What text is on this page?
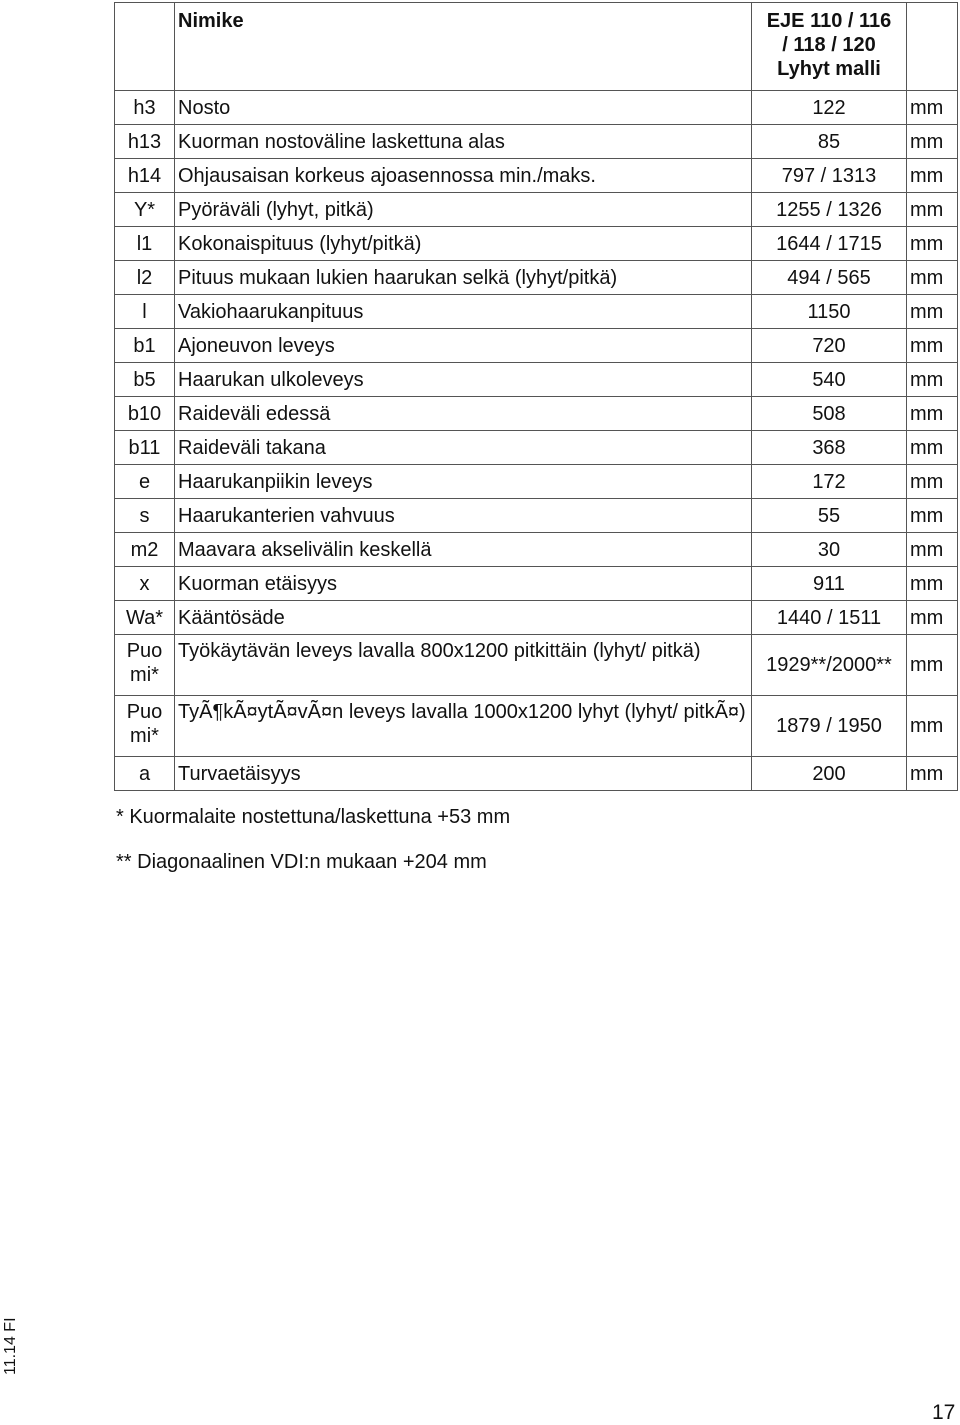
	Nimike	EJE 110 / 116
/ 118 / 120
Lyhyt malli	

h3	Nosto	122	mm
h13	Kuorman nostoväline laskettuna alas	85	mm
h14	Ohjausaisan korkeus ajoasennossa min./maks.	797 / 1313	mm
Y*	Pyöräväli (lyhyt, pitkä)	1255 / 1326	mm
l1	Kokonaispituus (lyhyt/pitkä)	1644 / 1715	mm
l2	Pituus mukaan lukien haarukan selkä (lyhyt/pitkä)	494 / 565	mm
l	Vakiohaarukanpituus	1150	mm
b1	Ajoneuvon leveys	720	mm
b5	Haarukan ulkoleveys	540	mm
b10	Raideväli edessä	508	mm
b11	Raideväli takana	368	mm
e	Haarukanpiikin leveys	172	mm
s	Haarukanterien vahvuus	55	mm
m2	Maavara akselivälin keskellä	30	mm
x	Kuorman etäisyys	911	mm
Wa*	Kääntösäde	1440 / 1511	mm
Puo mi*	Työkäytävän leveys lavalla 800x1200 pitkittäin (lyhyt/ pitkä)	1929**/2000**	mm
Puo mi*	TyÃ¶kÃ¤ytÃ¤vÃ¤n leveys lavalla 1000x1200 lyhyt (lyhyt/ pitkÃ¤)	1879 / 1950	mm
a	Turvaetäisyys	200	mm
* Kuormalaite nostettuna/laskettuna +53 mm
** Diagonaalinen VDI:n mukaan +204 mm
11.14 FI
17
